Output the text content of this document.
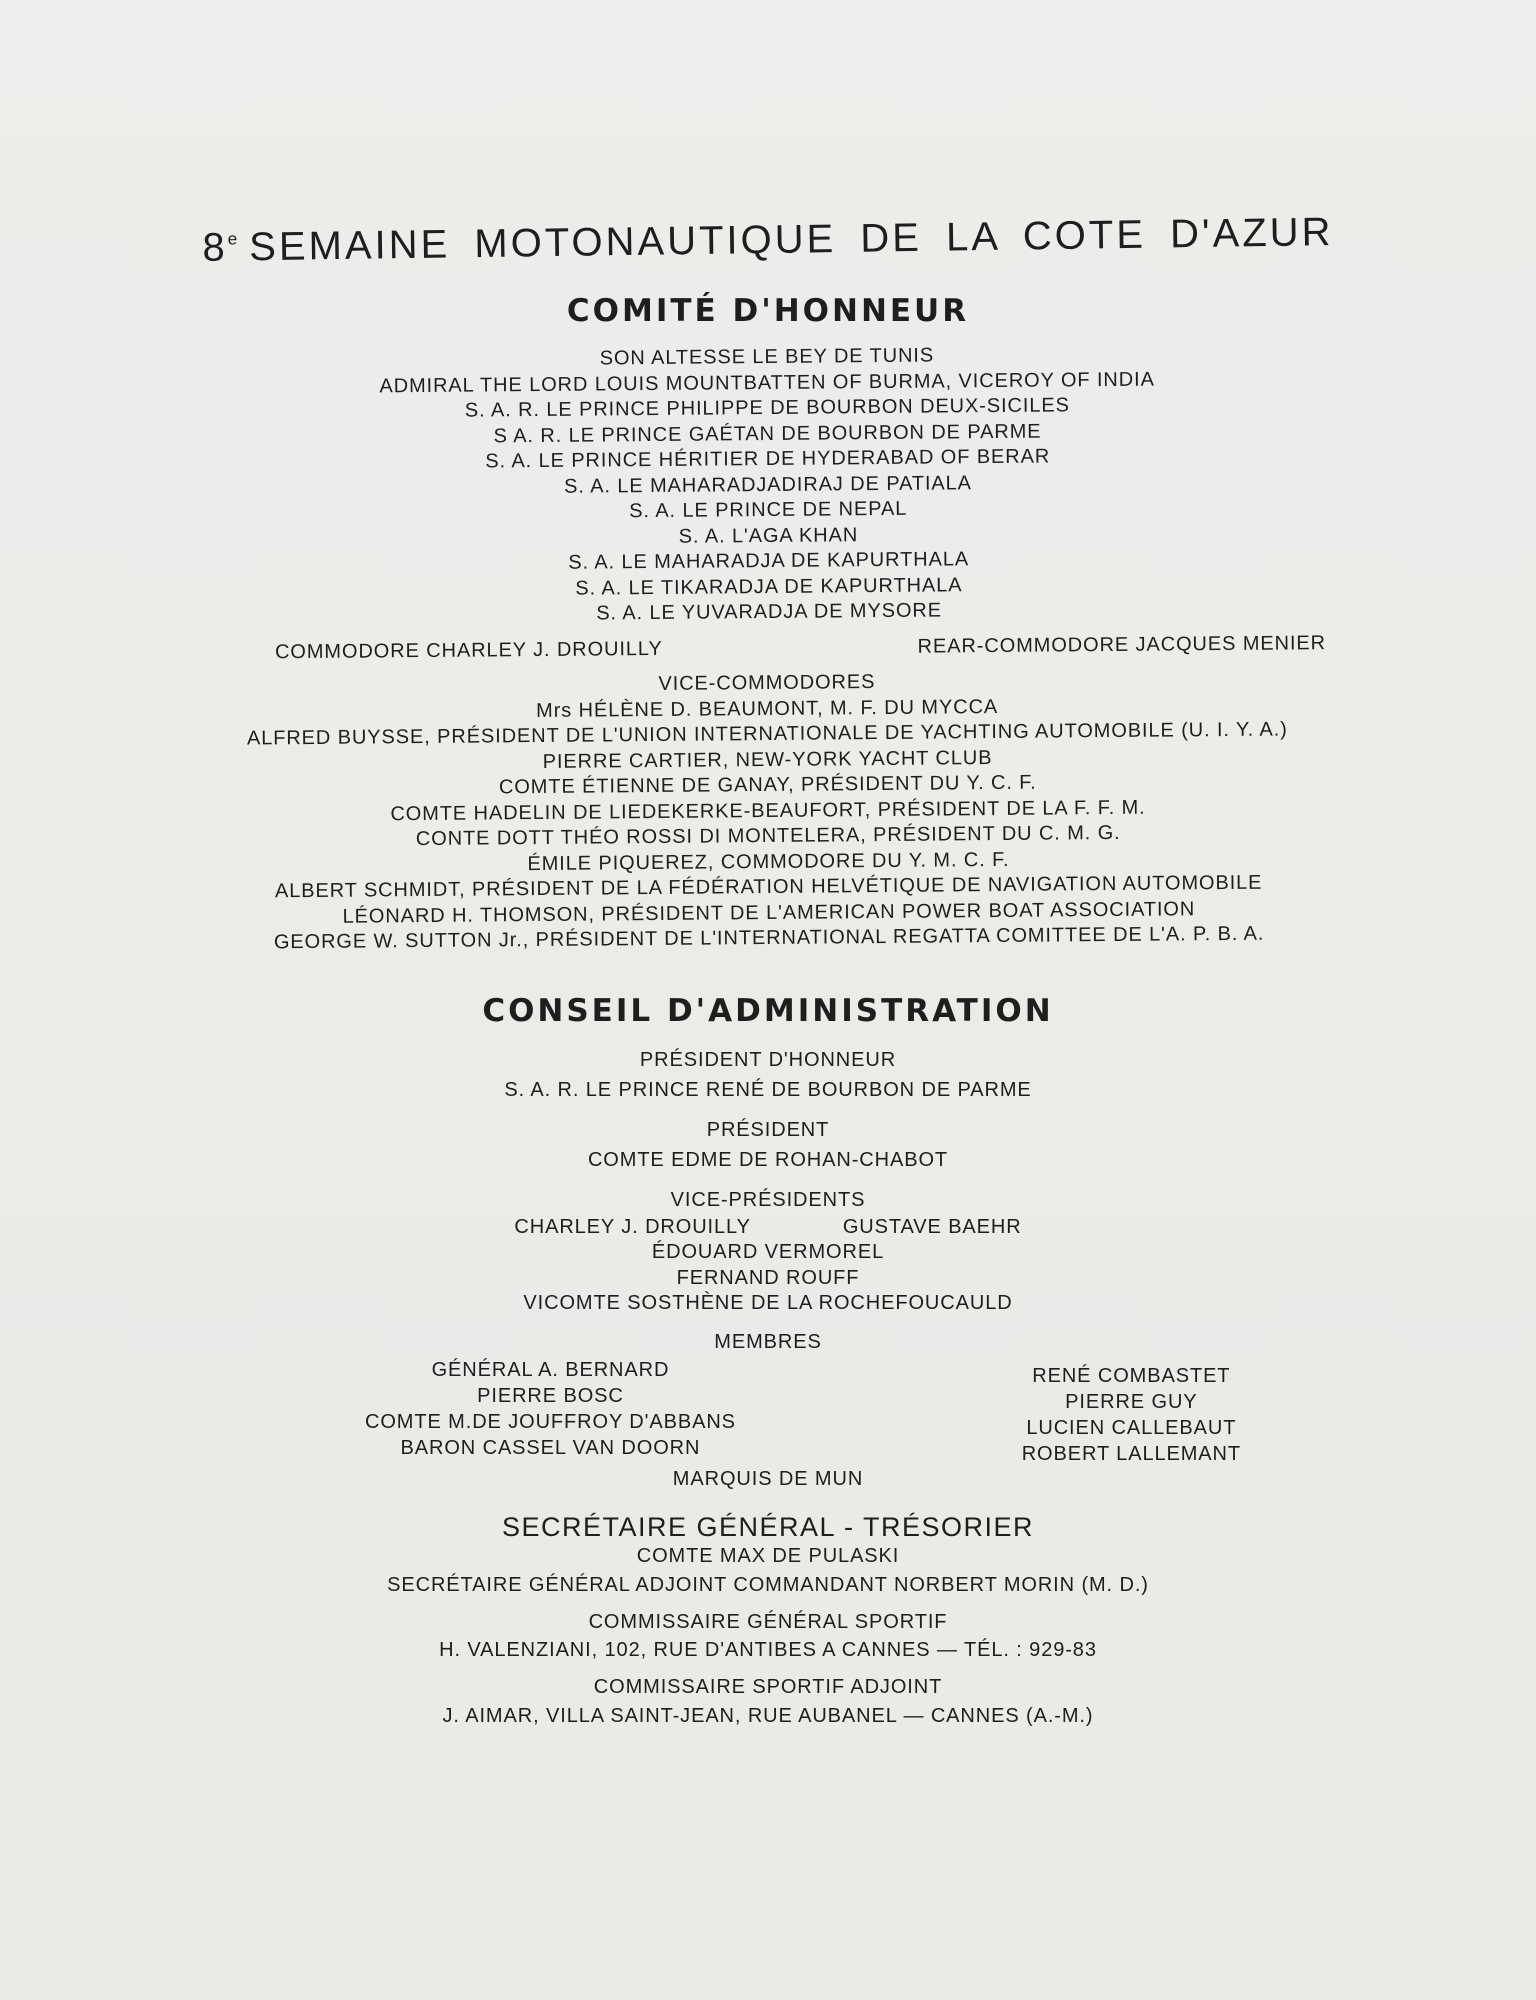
8e SEMAINE MOTONAUTIQUE DE LA COTE D'AZUR
COMITÉ D'HONNEUR
SON ALTESSE LE BEY DE TUNIS
ADMIRAL THE LORD LOUIS MOUNTBATTEN OF BURMA, VICEROY OF INDIA
S. A. R. LE PRINCE PHILIPPE DE BOURBON DEUX-SICILES
S A. R. LE PRINCE GAÉTAN DE BOURBON DE PARME
S. A. LE PRINCE HÉRITIER DE HYDERABAD OF BERAR
S. A. LE MAHARADJADIRAJ DE PATIALA
S. A. LE PRINCE DE NEPAL
S. A. L'AGA KHAN
S. A. LE MAHARADJA DE KAPURTHALA
S. A. LE TIKARADJA DE KAPURTHALA
S. A. LE YUVARADJA DE MYSORE
COMMODORE CHARLEY J. DROUILLY	REAR-COMMODORE JACQUES MENIER
VICE-COMMODORES
Mrs HÉLÈNE D. BEAUMONT, M. F. DU MYCCA
ALFRED BUYSSE, PRÉSIDENT DE L'UNION INTERNATIONALE DE YACHTING AUTOMOBILE (U. I. Y. A.)
PIERRE CARTIER, NEW-YORK YACHT CLUB
COMTE ÉTIENNE DE GANAY, PRÉSIDENT DU Y. C. F.
COMTE HADELIN DE LIEDEKERKE-BEAUFORT, PRÉSIDENT DE LA F. F. M.
CONTE DOTT THÉO ROSSI DI MONTELERA, PRÉSIDENT DU C. M. G.
ÉMILE PIQUEREZ, COMMODORE DU Y. M. C. F.
ALBERT SCHMIDT, PRÉSIDENT DE LA FÉDÉRATION HELVÉTIQUE DE NAVIGATION AUTOMOBILE
LÉONARD H. THOMSON, PRÉSIDENT DE L'AMERICAN POWER BOAT ASSOCIATION
GEORGE W. SUTTON Jr., PRÉSIDENT DE L'INTERNATIONAL REGATTA COMITTEE DE L'A. P. B. A.
CONSEIL D'ADMINISTRATION
PRÉSIDENT D'HONNEUR
S. A. R. LE PRINCE RENÉ DE BOURBON DE PARME
PRÉSIDENT
COMTE EDME DE ROHAN-CHABOT
VICE-PRÉSIDENTS
CHARLEY J. DROUILLY	GUSTAVE BAEHR
ÉDOUARD VERMOREL
FERNAND ROUFF
VICOMTE SOSTHÈNE DE LA ROCHEFOUCAULD
MEMBRES
GÉNÉRAL A. BERNARD
PIERRE BOSC
COMTE M.DE JOUFFROY D'ABBANS
BARON CASSEL VAN DOORN
RENÉ COMBASTET
PIERRE GUY
LUCIEN CALLEBAUT
ROBERT LALLEMANT
MARQUIS DE MUN
SECRÉTAIRE GÉNÉRAL - TRÉSORIER
COMTE MAX DE PULASKI
SECRÉTAIRE GÉNÉRAL ADJOINT COMMANDANT NORBERT MORIN (M. D.)
COMMISSAIRE GÉNÉRAL SPORTIF
H. VALENZIANI, 102, RUE D'ANTIBES A CANNES — TÉL. : 929-83
COMMISSAIRE SPORTIF ADJOINT
J. AIMAR, VILLA SAINT-JEAN, RUE AUBANEL — CANNES (A.-M.)
